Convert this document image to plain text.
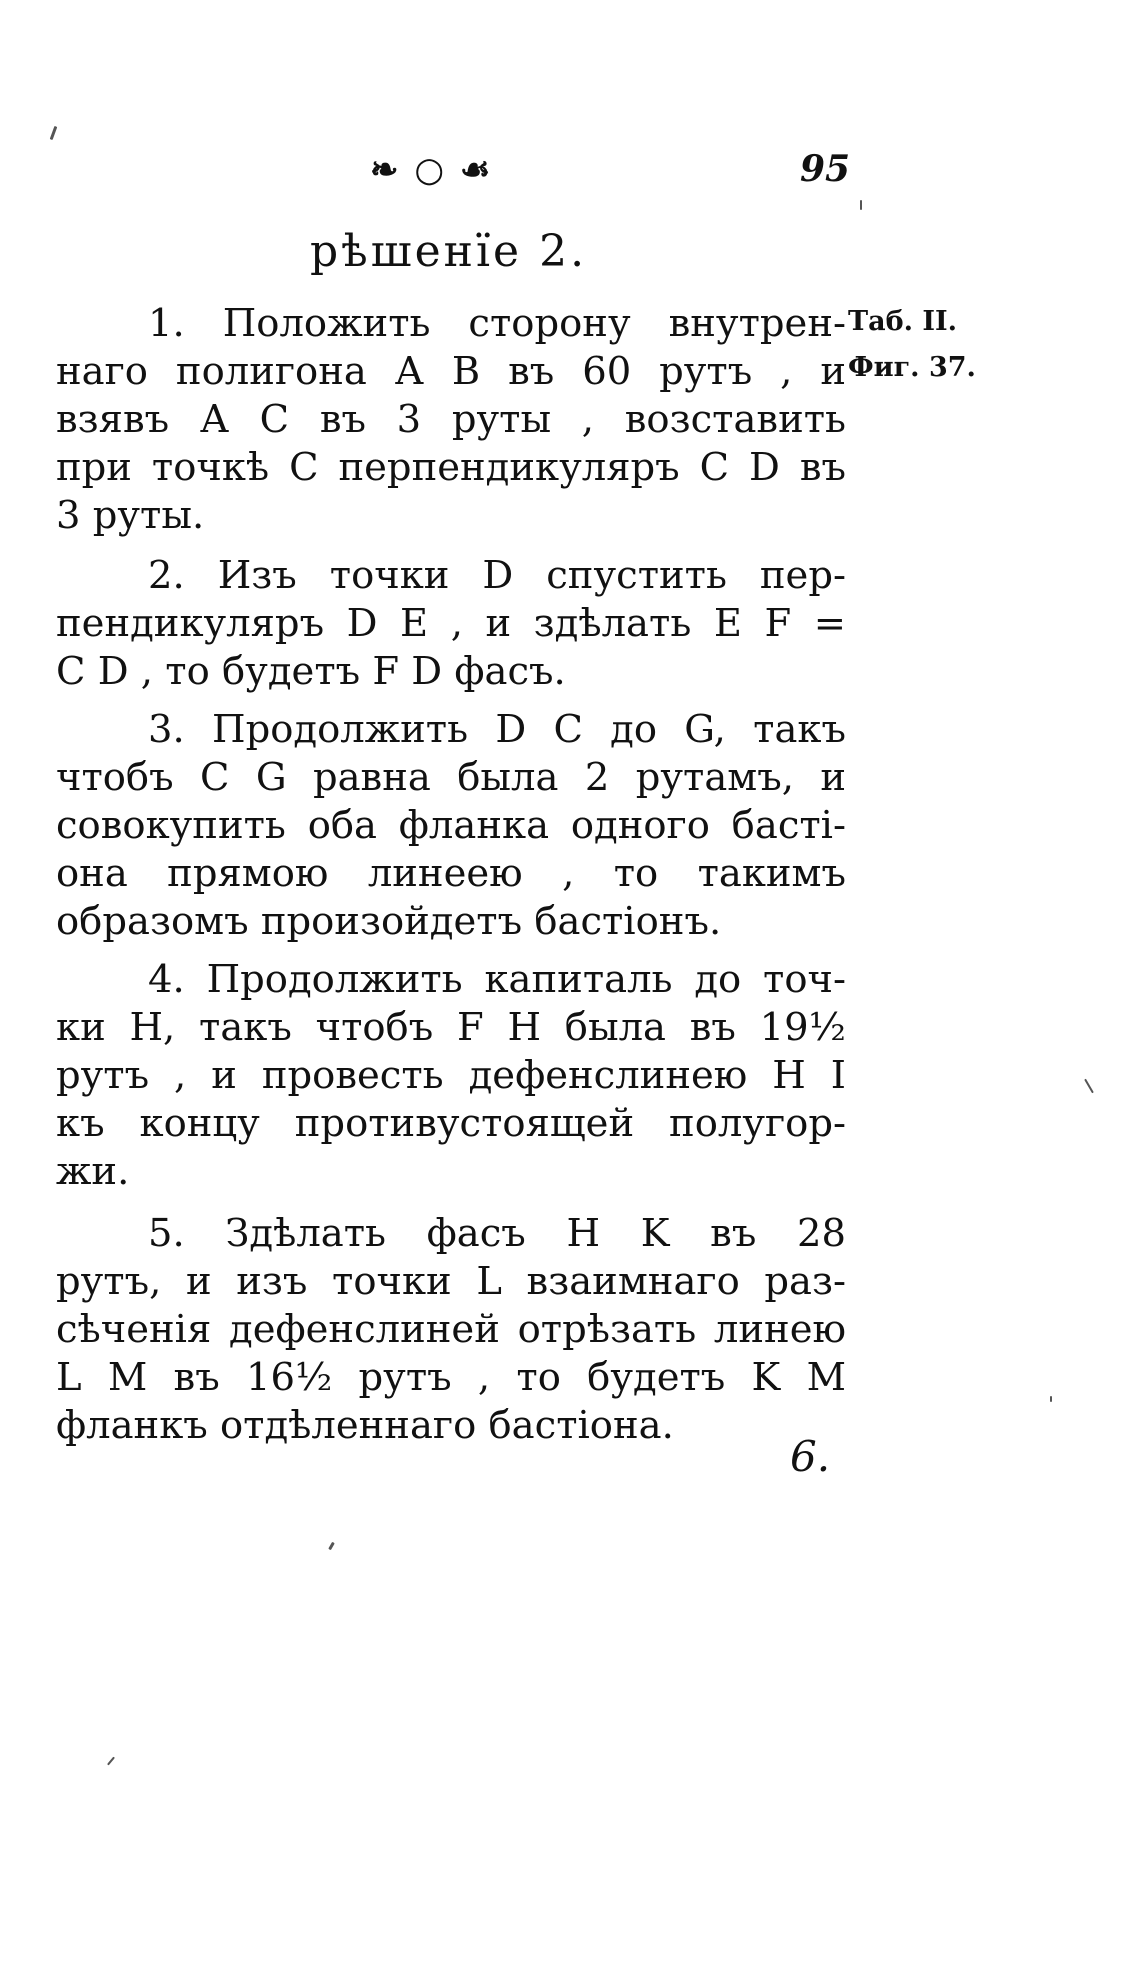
❧ ○ ☙	95
рѣшенїе 2.
Таб. II.
Фиг. 37.
1. Положить сторону внутрен-
наго полигона А В въ 60 рутъ , и
взявъ А С въ 3 руты , возставить
при точкѣ С перпендикуляръ С D въ
3 руты.
2. Изъ точки D спустить пер-
пендикуляръ D E , и здѣлать E F =
C D , то будетъ F D фасъ.
3. Продолжить D C до G, такъ
чтобъ C G равна была 2 рутамъ, и
совокупить оба фланка одного басті-
она прямою линеею , то такимъ
образомъ произойдетъ бастіонъ.
4. Продолжить капиталь до точ-
ки H, такъ чтобъ F H была въ 19½
рутъ , и провесть дефенслинею H I
къ концу противустоящей полугор-
жи.
5. Здѣлать фасъ H K въ 28
рутъ, и изъ точки L взаимнаго раз-
сѣченія дефенслиней отрѣзать линею
L M въ 16½ рутъ , то будетъ K M
фланкъ отдѣленнаго бастіона.
6.
